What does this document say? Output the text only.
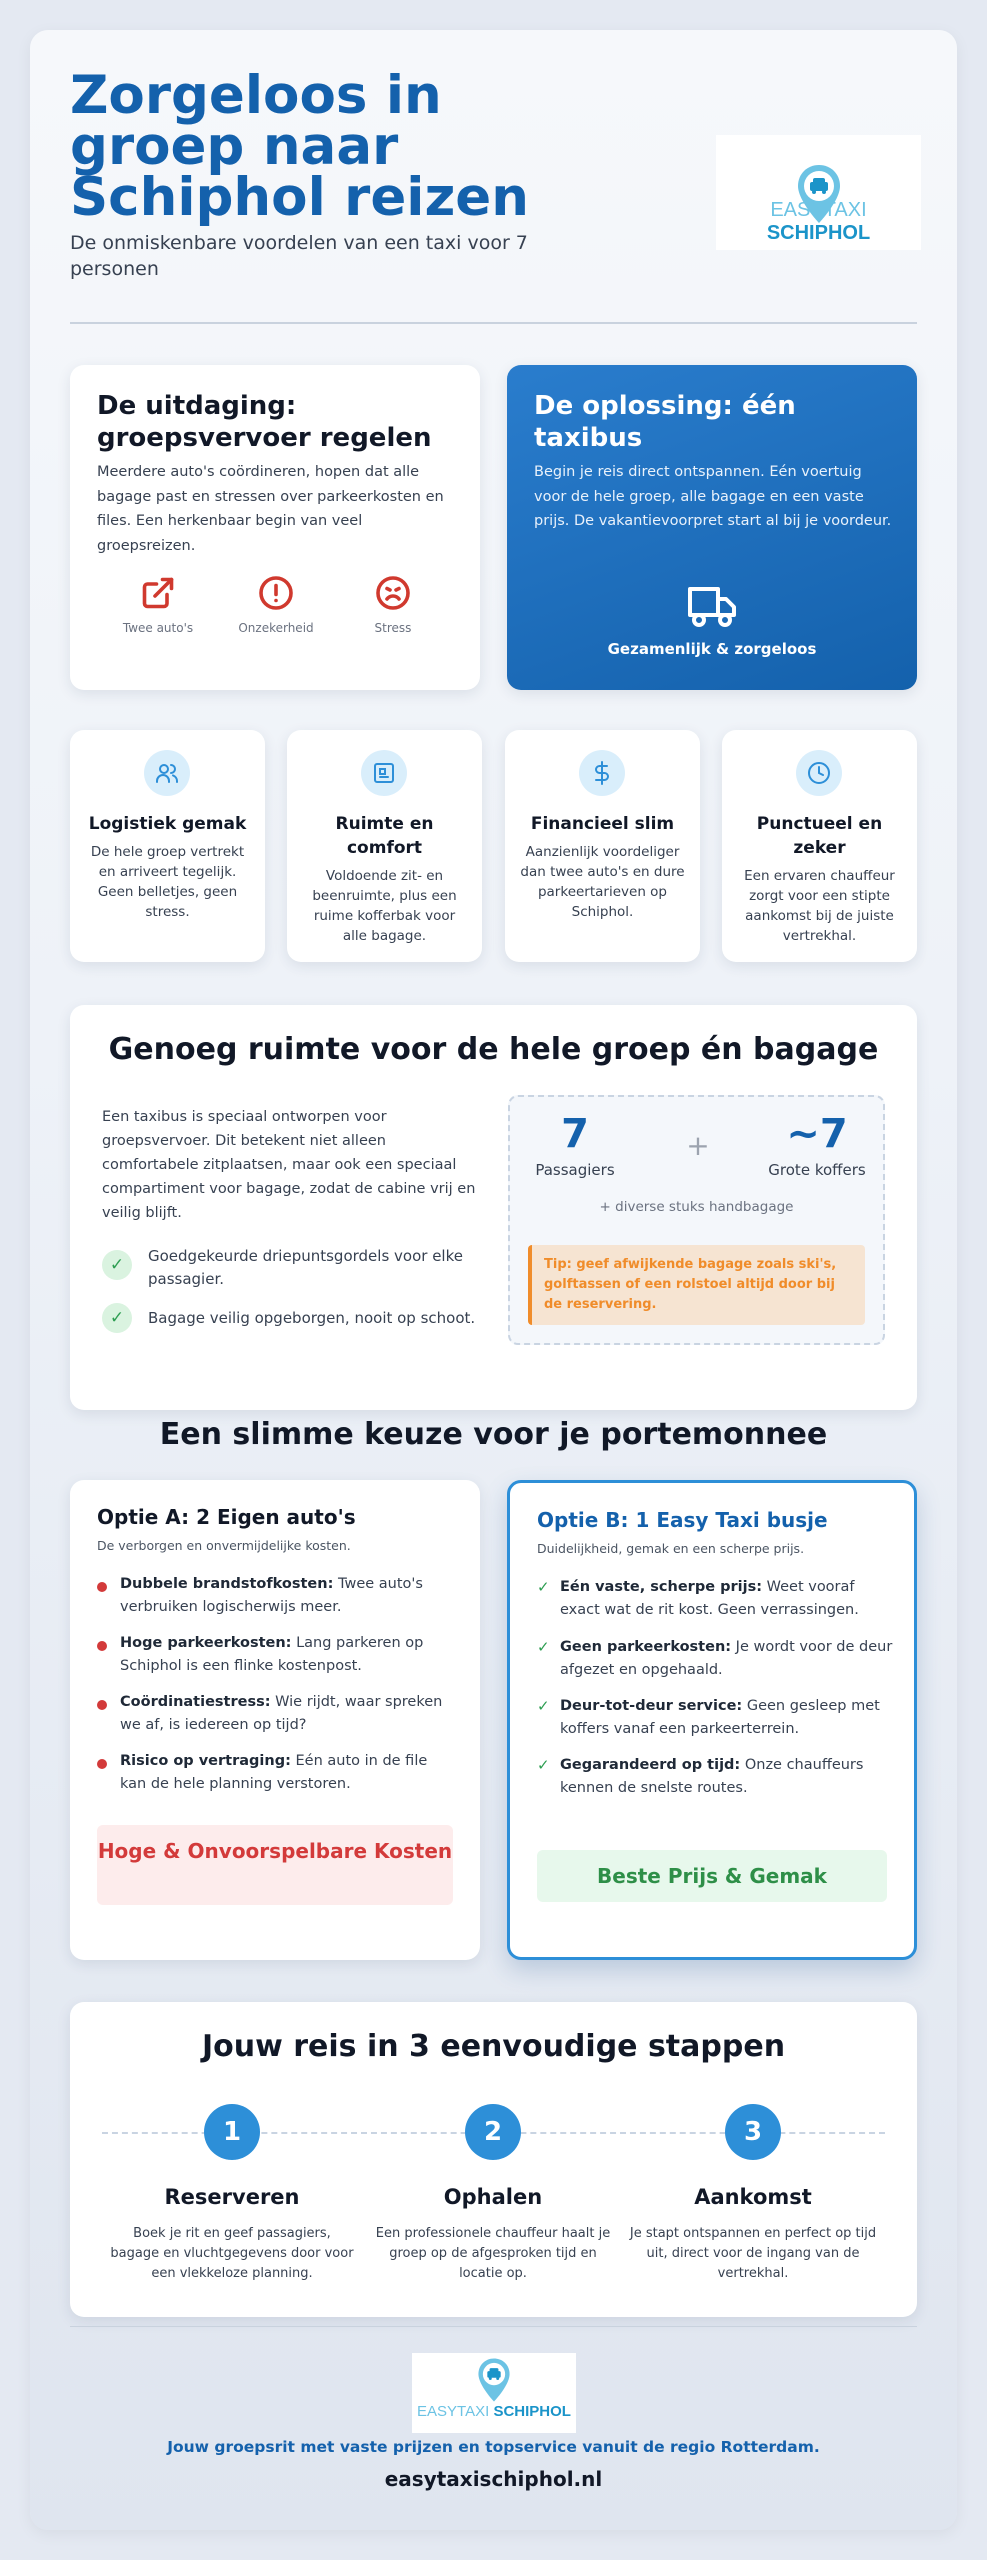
Zorgeloos in groep naar Schiphol reizen

De onmiskenbare voordelen van een taxi voor 7 personen

EASYTAXI SCHIPHOL
De uitdaging: groepsvervoer regelen

Meerdere auto's coördineren, hopen dat alle bagage past en stressen over parkeerkosten en files. Een herkenbaar begin van veel groepsreizen.

Twee auto's	Onzekerheid	Stress
De oplossing: één taxibus

Begin je reis direct ontspannen. Eén voertuig voor de hele groep, alle bagage en een vaste prijs. De vakantievoorpret start al bij je voordeur.

Gezamenlijk & zorgeloos
Logistiek gemak
De hele groep vertrekt en arriveert tegelijk. Geen belletjes, geen stress.
Ruimte en comfort
Voldoende zit- en beenruimte, plus een ruime kofferbak voor alle bagage.
Financieel slim
Aanzienlijk voordeliger dan twee auto's en dure parkeertarieven op Schiphol.
Punctueel en zeker
Een ervaren chauffeur zorgt voor een stipte aankomst bij de juiste vertrekhal.
Genoeg ruimte voor de hele groep én bagage

Een taxibus is speciaal ontworpen voor groepsvervoer. Dit betekent niet alleen comfortabele zitplaatsen, maar ook een speciaal compartiment voor bagage, zodat de cabine vrij en veilig blijft.

✓	Goedgekeurde driepuntsgordels voor elke passagier.
✓	Bagage veilig opgeborgen, nooit op schoot.
7
Passagiers
+	~7
Grote koffers
+ diverse stuks handbagage
Tip: geef afwijkende bagage zoals ski's, golftassen of een rolstoel altijd door bij de reservering.
Een slimme keuze voor je portemonnee
Optie A: 2 Eigen auto's
De verborgen en onvermijdelijke kosten.
Dubbele brandstofkosten: Twee auto's verbruiken logischerwijs meer.
Hoge parkeerkosten: Lang parkeren op Schiphol is een flinke kostenpost.
Coördinatiestress: Wie rijdt, waar spreken we af, is iedereen op tijd?
Risico op vertraging: Eén auto in de file kan de hele planning verstoren.
Hoge & Onvoorspelbare Kosten
Optie B: 1 Easy Taxi busje
Duidelijkheid, gemak en een scherpe prijs.
✓ Eén vaste, scherpe prijs: Weet vooraf exact wat de rit kost. Geen verrassingen.
✓ Geen parkeerkosten: Je wordt voor de deur afgezet en opgehaald.
✓ Deur-tot-deur service: Geen gesleep met koffers vanaf een parkeerterrein.
✓ Gegarandeerd op tijd: Onze chauffeurs kennen de snelste routes.
Beste Prijs & Gemak
Jouw reis in 3 eenvoudige stappen
1	2	3
Reserveren	Ophalen	Aankomst
Boek je rit en geef passagiers, bagage en vluchtgegevens door voor een vlekkeloze planning.
Een professionele chauffeur haalt je groep op de afgesproken tijd en locatie op.
Je stapt ontspannen en perfect op tijd uit, direct voor de ingang van de vertrekhal.
EASYTAXI SCHIPHOL
Jouw groepsrit met vaste prijzen en topservice vanuit de regio Rotterdam.
easytaxischiphol.nl
